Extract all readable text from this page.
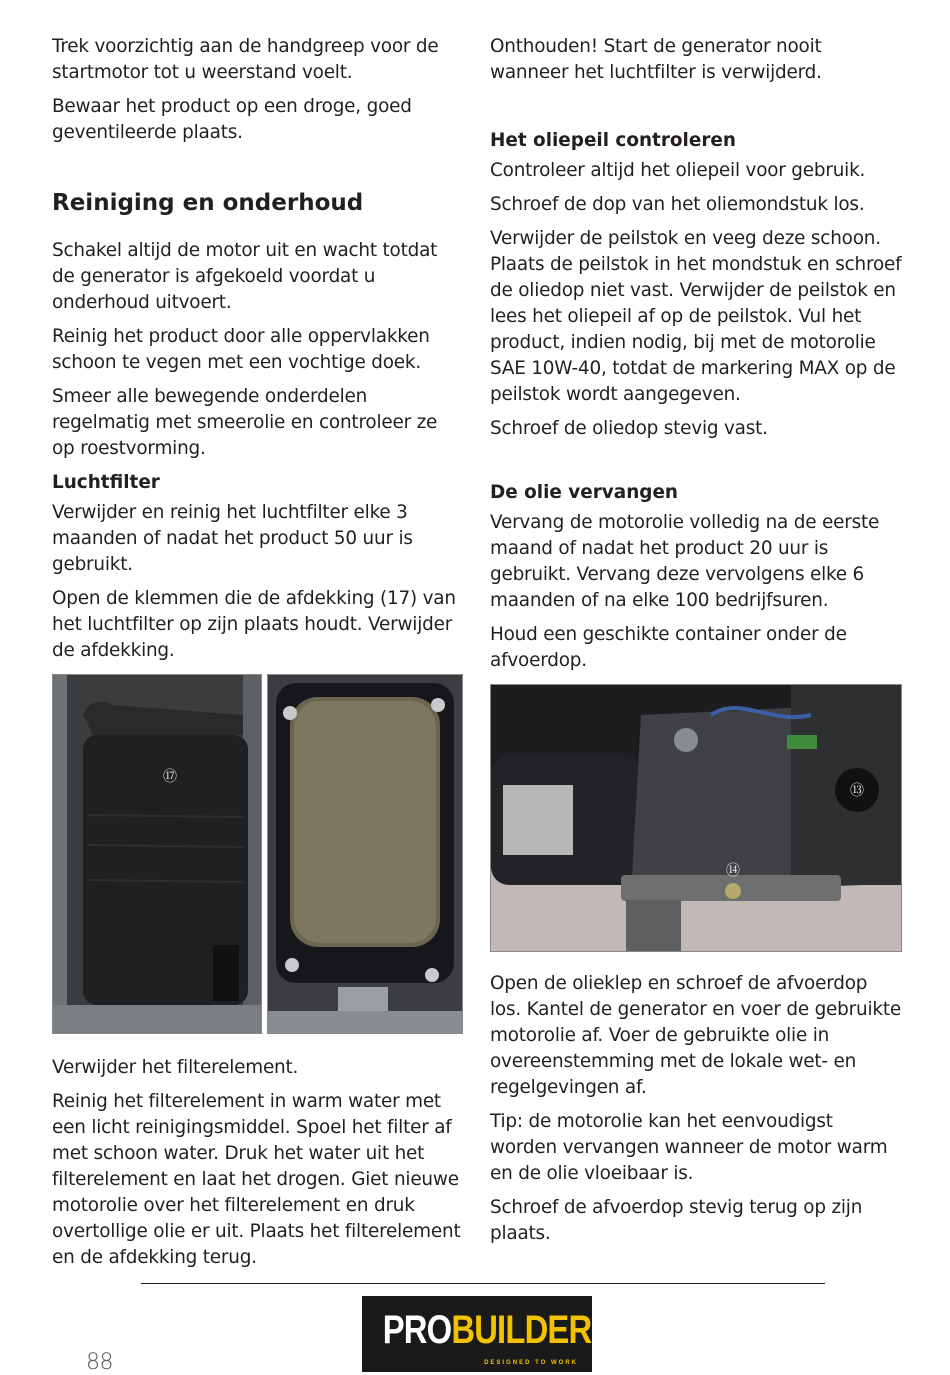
Trek voorzichtig aan de handgreep voor de startmotor tot u weerstand voelt.

Bewaar het product op een droge, goed geventileerde plaats.

Reiniging en onderhoud

Schakel altijd de motor uit en wacht totdat de generator is afgekoeld voordat u onderhoud uitvoert.

Reinig het product door alle oppervlakken schoon te vegen met een vochtige doek.

Smeer alle bewegende onderdelen regelmatig met smeerolie en controleer ze op roestvorming.

Luchtfilter

Verwijder en reinig het luchtfilter elke 3 maanden of nadat het product 50 uur is gebruikt.

Open de klemmen die de afdekking (17) van het luchtfilter op zijn plaats houdt. Verwijder de afdekking.

⑰

Verwijder het filterelement.

Reinig het filterelement in warm water met een licht reinigingsmiddel. Spoel het filter af met schoon water. Druk het water uit het filterelement en laat het drogen. Giet nieuwe motorolie over het filterelement en druk overtollige olie er uit. Plaats het filterelement en de afdekking terug.

Onthouden! Start de generator nooit wanneer het luchtfilter is verwijderd.

Het oliepeil controleren

Controleer altijd het oliepeil voor gebruik.

Schroef de dop van het oliemondstuk los.

Verwijder de peilstok en veeg deze schoon. Plaats de peilstok in het mondstuk en schroef de oliedop niet vast. Verwijder de peilstok en lees het oliepeil af op de peilstok. Vul het product, indien nodig, bij met de motorolie SAE 10W-40, totdat de markering MAX op de peilstok wordt aangegeven.

Schroef de oliedop stevig vast.

De olie vervangen

Vervang de motorolie volledig na de eerste maand of nadat het product 20 uur is gebruikt. Vervang deze vervolgens elke 6 maanden of na elke 100 bedrijfsuren.

Houd een geschikte container onder de afvoerdop.

⑬
⑭

Open de olieklep en schroef de afvoerdop los. Kantel de generator en voer de gebruikte motorolie af. Voer de gebruikte olie in overeenstemming met de lokale wet- en regelgevingen af.

Tip: de motorolie kan het eenvoudigst worden vervangen wanneer de motor warm en de olie vloeibaar is.

Schroef de afvoerdop stevig terug op zijn plaats.

88
PROBUILDER
DESIGNED TO WORK
